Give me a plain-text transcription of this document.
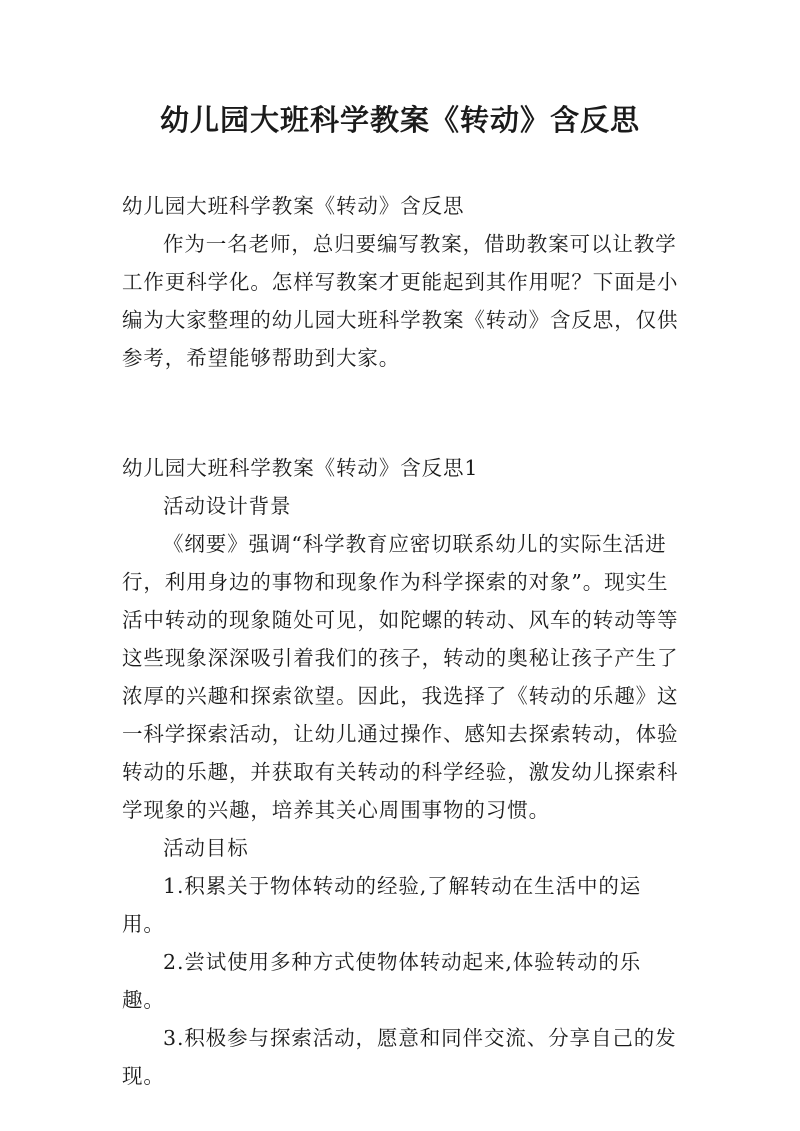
幼儿园大班科学教案《转动》含反思

幼儿园大班科学教案《转动》含反思

作为一名老师，总归要编写教案，借助教案可以让教学工作更科学化。怎样写教案才更能起到其作用呢？下面是小编为大家整理的幼儿园大班科学教案《转动》含反思，仅供参考，希望能够帮助到大家。

幼儿园大班科学教案《转动》含反思1

活动设计背景

《纲要》强调“科学教育应密切联系幼儿的实际生活进行，利用身边的事物和现象作为科学探索的对象”。现实生活中转动的现象随处可见，如陀螺的转动、风车的转动等等这些现象深深吸引着我们的孩子，转动的奥秘让孩子产生了浓厚的兴趣和探索欲望。因此，我选择了《转动的乐趣》这一科学探索活动，让幼儿通过操作、感知去探索转动，体验转动的乐趣，并获取有关转动的科学经验，激发幼儿探索科学现象的兴趣，培养其关心周围事物的习惯。

活动目标

1.积累关于物体转动的经验,了解转动在生活中的运用。

2.尝试使用多种方式使物体转动起来,体验转动的乐趣。

3.积极参与探索活动，愿意和同伴交流、分享自己的发现。
